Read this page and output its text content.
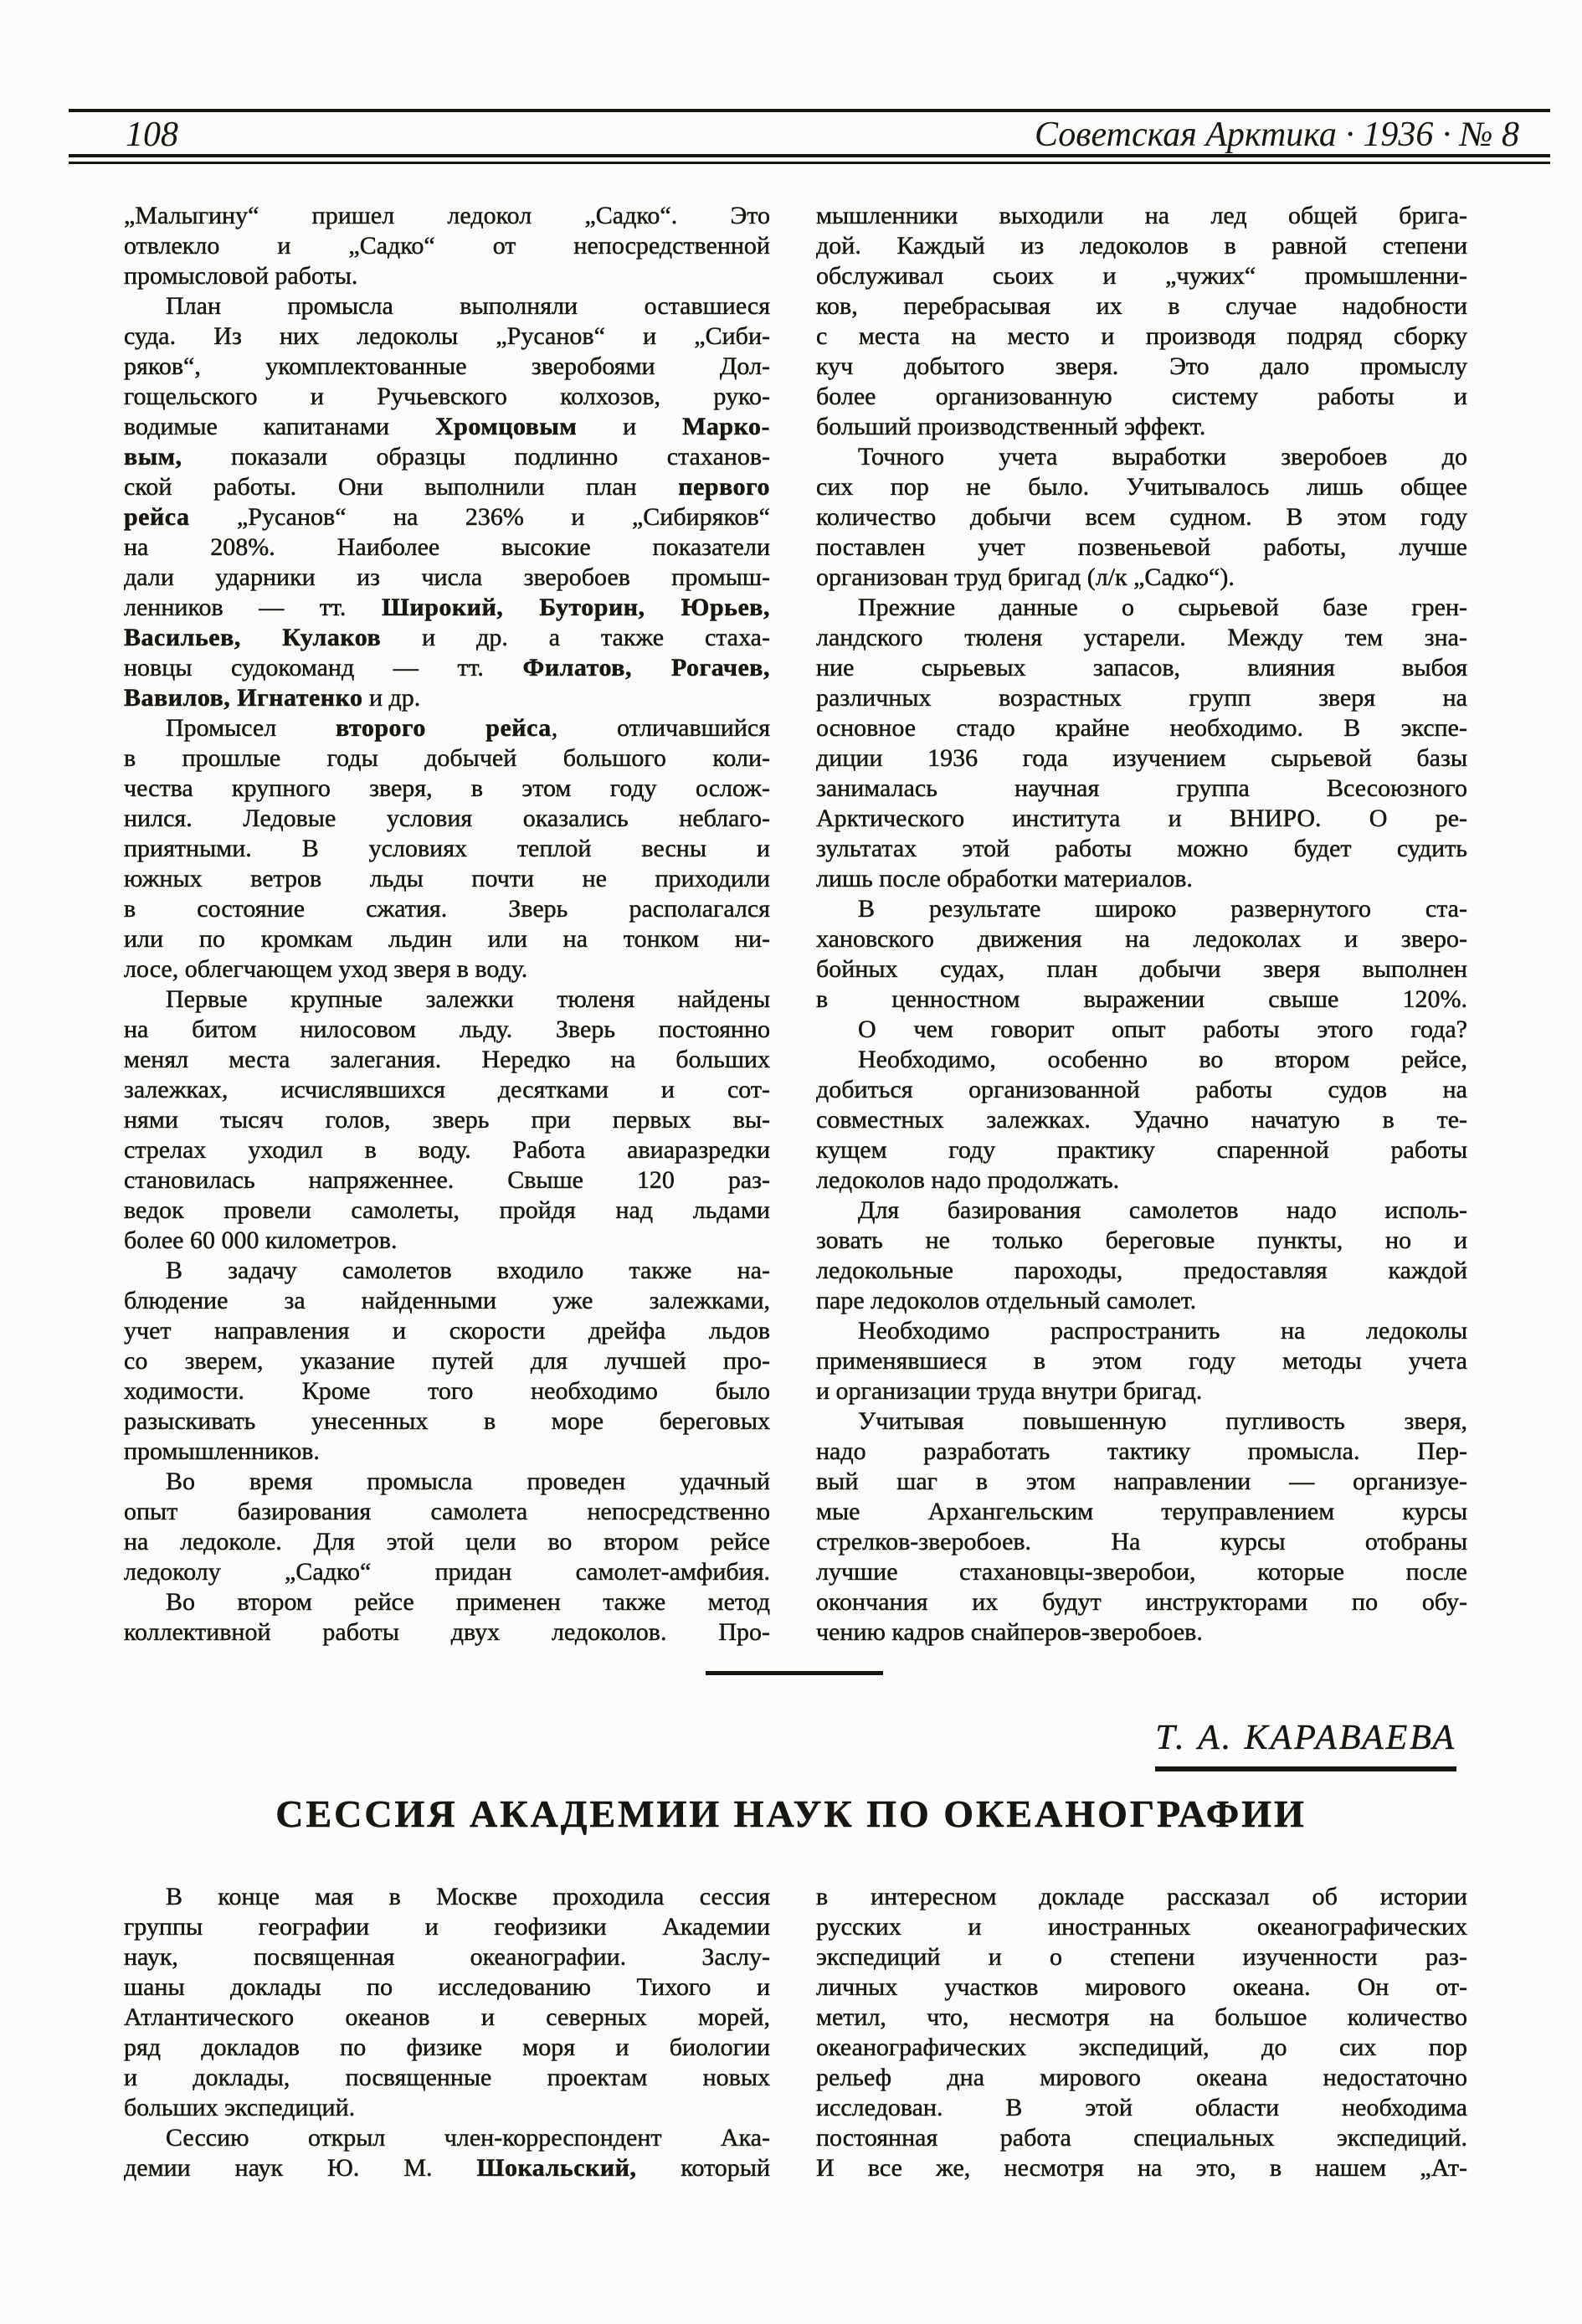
108	Советская Арктика · 1936 · № 8
„Малыгину“ пришел ледокол „Садко“. Это
отвлекло и „Садко“ от непосредственной
промысловой работы.
План промысла выполняли оставшиеся
суда. Из них ледоколы „Русанов“ и „Сиби-
ряков“, укомплектованные зверобоями Дол-
гощельского и Ручьевского колхозов, руко-
водимые капитанами Хромцовым и Марко-
вым, показали образцы подлинно стаханов-
ской работы. Они выполнили план первого
рейса „Русанов“ на 236% и „Сибиряков“
на 208%. Наиболее высокие показатели
дали ударники из числа зверобоев промыш-
ленников — тт. Широкий, Буторин, Юрьев,
Васильев, Кулаков и др. а также стаха-
новцы судокоманд — тт. Филатов, Рогачев,
Вавилов, Игнатенко и др.
Промысел второго рейса, отличавшийся
в прошлые годы добычей большого коли-
чества крупного зверя, в этом году ослож-
нился. Ледовые условия оказались неблаго-
приятными. В условиях теплой весны и
южных ветров льды почти не приходили
в состояние сжатия. Зверь располагался
или по кромкам льдин или на тонком ни-
лосе, облегчающем уход зверя в воду.
Первые крупные залежки тюленя найдены
на битом нилосовом льду. Зверь постоянно
менял места залегания. Нередко на больших
залежках, исчислявшихся десятками и сот-
нями тысяч голов, зверь при первых вы-
стрелах уходил в воду. Работа авиаразредки
становилась напряженнее. Свыше 120 раз-
ведок провели самолеты, пройдя над льдами
более 60 000 километров.
В задачу самолетов входило также на-
блюдение за найденными уже залежками,
учет направления и скорости дрейфа льдов
со зверем, указание путей для лучшей про-
ходимости. Кроме того необходимо было
разыскивать унесенных в море береговых
промышленников.
Во время промысла проведен удачный
опыт базирования самолета непосредственно
на ледоколе. Для этой цели во втором рейсе
ледоколу „Садко“ придан самолет-амфибия.
Во втором рейсе применен также метод
коллективной работы двух ледоколов. Про-
мышленники выходили на лед общей брига-
дой. Каждый из ледоколов в равной степени
обслуживал сьоих и „чужих“ промышленни-
ков, перебрасывая их в случае надобности
с места на место и производя подряд сборку
куч добытого зверя. Это дало промыслу
более организованную систему работы и
больший производственный эффект.
Точного учета выработки зверобоев до
сих пор не было. Учитывалось лишь общее
количество добычи всем судном. В этом году
поставлен учет позвеньевой работы, лучше
организован труд бригад (л/к „Садко“).
Прежние данные о сырьевой базе грен-
ландского тюленя устарели. Между тем зна-
ние сырьевых запасов, влияния выбоя
различных возрастных групп зверя на
основное стадо крайне необходимо. В экспе-
диции 1936 года изучением сырьевой базы
занималась научная группа Всесоюзного
Арктического института и ВНИРО. О ре-
зультатах этой работы можно будет судить
лишь после обработки материалов.
В результате широко развернутого ста-
хановского движения на ледоколах и зверо-
бойных судах, план добычи зверя выполнен
в ценностном выражении свыше 120%.
О чем говорит опыт работы этого года?
Необходимо, особенно во втором рейсе,
добиться организованной работы судов на
совместных залежках. Удачно начатую в те-
кущем году практику спаренной работы
ледоколов надо продолжать.
Для базирования самолетов надо исполь-
зовать не только береговые пункты, но и
ледокольные пароходы, предоставляя каждой
паре ледоколов отдельный самолет.
Необходимо распространить на ледоколы
применявшиеся в этом году методы учета
и организации труда внутри бригад.
Учитывая повышенную пугливость зверя,
надо разработать тактику промысла. Пер-
вый шаг в этом направлении — организуе-
мые Архангельским теруправлением курсы
стрелков-зверобоев. На курсы отобраны
лучшие стахановцы-зверобои, которые после
окончания их будут инструкторами по обу-
чению кадров снайперов-зверобоев.
Т. А. КАРАВАЕВА
СЕССИЯ АКАДЕМИИ НАУК ПО ОКЕАНОГРАФИИ
В конце мая в Москве проходила сессия
группы географии и геофизики Академии
наук, посвященная океанографии. Заслу-
шаны доклады по исследованию Тихого и
Атлантического океанов и северных морей,
ряд докладов по физике моря и биологии
и доклады, посвященные проектам новых
больших экспедиций.
Сессию открыл член-корреспондент Ака-
демии наук Ю. М. Шокальский, который
в интересном докладе рассказал об истории
русских и иностранных океанографических
экспедиций и о степени изученности раз-
личных участков мирового океана. Он от-
метил, что, несмотря на большое количество
океанографических экспедиций, до сих пор
рельеф дна мирового океана недостаточно
исследован. В этой области необходима
постоянная работа специальных экспедиций.
И все же, несмотря на это, в нашем „Ат-
